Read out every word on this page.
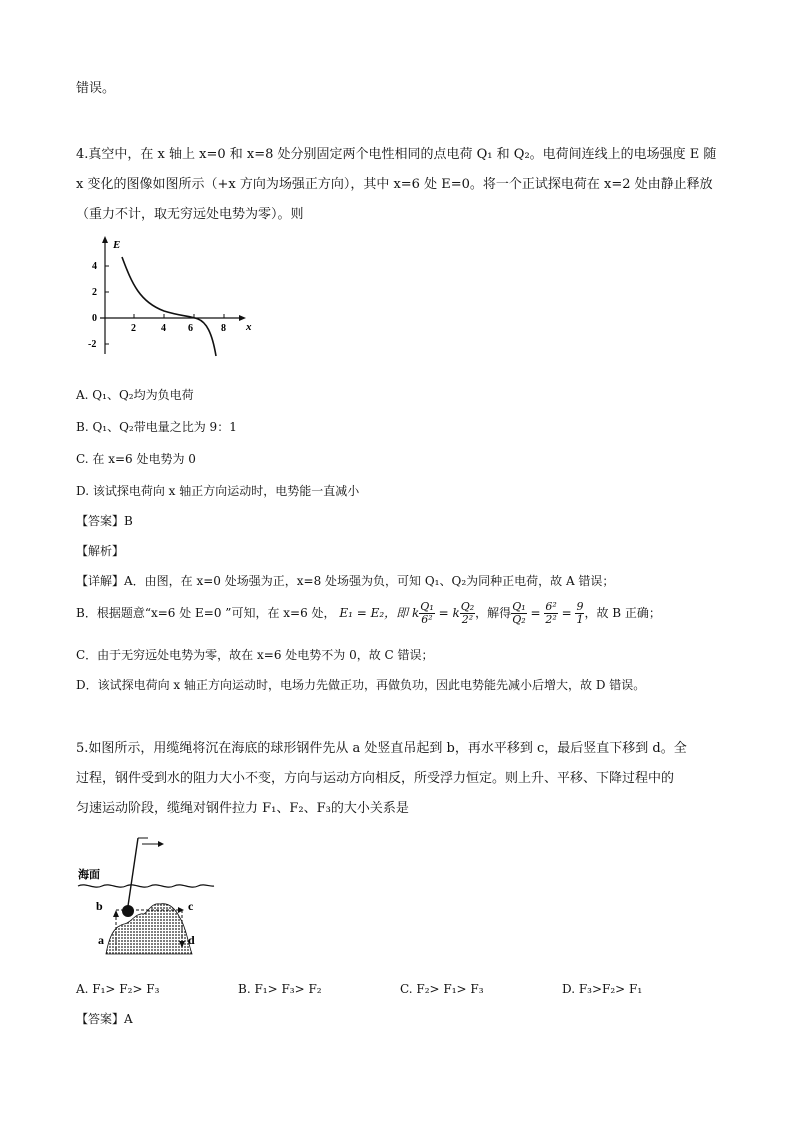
错误。
4.真空中，在 x 轴上 x=0 和 x=8 处分别固定两个电性相同的点电荷 Q₁ 和 Q₂。电荷间连线上的电场强度 E 随
x 变化的图像如图所示（+x 方向为场强正方向），其中 x=6 处 E=0。将一个正试探电荷在 x=2 处由静止释放
（重力不计，取无穷远处电势为零）。则
E
x
4
2
0
-2
2	4 6	8
A. Q₁、Q₂均为负电荷
B. Q₁、Q₂带电量之比为 9：1
C. 在 x=6 处电势为 0
D. 该试探电荷向 x 轴正方向运动时，电势能一直减小
【答案】B
【解析】
【详解】A．由图，在 x=0 处场强为正，x=8 处场强为负，可知 Q₁、Q₂为同种正电荷，故 A 错误；
B．根据题意“x=6 处 E=0 ”可知，在 x=6 处， E₁ = E₂，即 k $\frac{\text{Q₁}}{\text{6²}} = k \frac{\text{Q₂}}{\text{2²}}$ ，解得 $\frac{\text{Q₁}}{\text{Q₂}} = \frac{\text{6²}}{\text{2²}} = \frac{9}{1}$ ，故 B 正确；
C．由于无穷远处电势为零，故在 x=6 处电势不为 0，故 C 错误；
D．该试探电荷向 x 轴正方向运动时，电场力先做正功，再做负功，因此电势能先减小后增大，故 D 错误。
5.如图所示，用缆绳将沉在海底的球形钢件先从 a 处竖直吊起到 b，再水平移到 c，最后竖直下移到 d。全
过程，钢件受到水的阻力大小不变，方向与运动方向相反，所受浮力恒定。则上升、平移、下降过程中的
匀速运动阶段，缆绳对钢件拉力 F₁、F₂、F₃的大小关系是
海面
a
b	c
d
A. F₁> F₂> F₃	B. F₁> F₃> F₂	C. F₂> F₁> F₃	D. F₃>F₂> F₁
【答案】A
